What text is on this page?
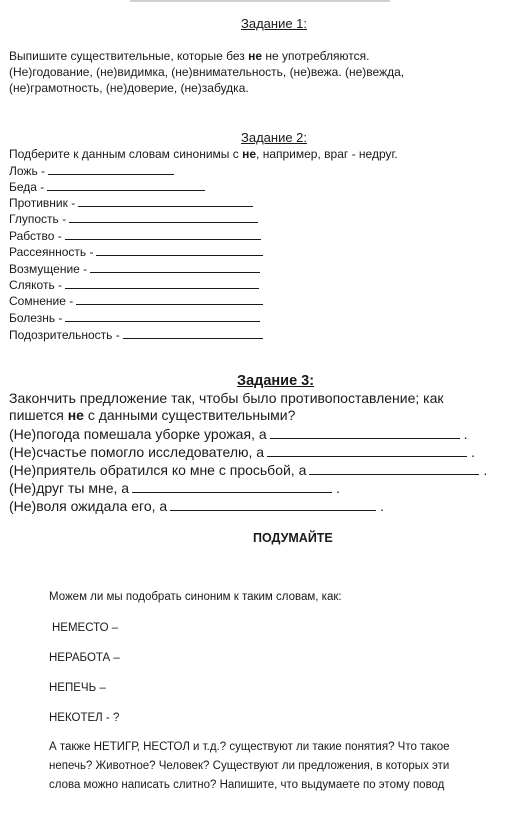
Задание 1:
Выпишите существительные, которые без не не употребляются.
(Не)годование, (не)видимка, (не)внимательность, (не)вежа. (не)вежда,
(не)грамотность, (не)доверие, (не)забудка.
Задание 2:
Подберите к данным словам синонимы с не, например, враг - недруг.
Ложь -
Беда -
Противник -
Глупость -
Рабство -
Рассеянность -
Возмущение -
Слякоть -
Сомнение -
Болезнь -
Подозрительность -
Задание 3:
Закончить предложение так, чтобы было противопоставление; как
пишется не с данными существительными?
(Не)погода помешала уборке урожая, а	.
(Не)счастье помогло исследователю, а	.
(Не)приятель обратился ко мне с просьбой, а	.
(Не)друг ты мне, а	.
(Не)воля ожидала его, а	.
ПОДУМАЙТЕ
Можем ли мы подобрать синоним к таким словам, как:
НЕМЕСТО –
НЕРАБОТА –
НЕПЕЧЬ –
НЕКОТЕЛ - ?
А также НЕТИГР, НЕСТОЛ и т.д.? существуют ли такие понятия? Что такое
непечь? Животное? Человек? Существуют ли предложения, в которых эти
слова можно написать слитно? Напишите, что выдумаете по этому повод
